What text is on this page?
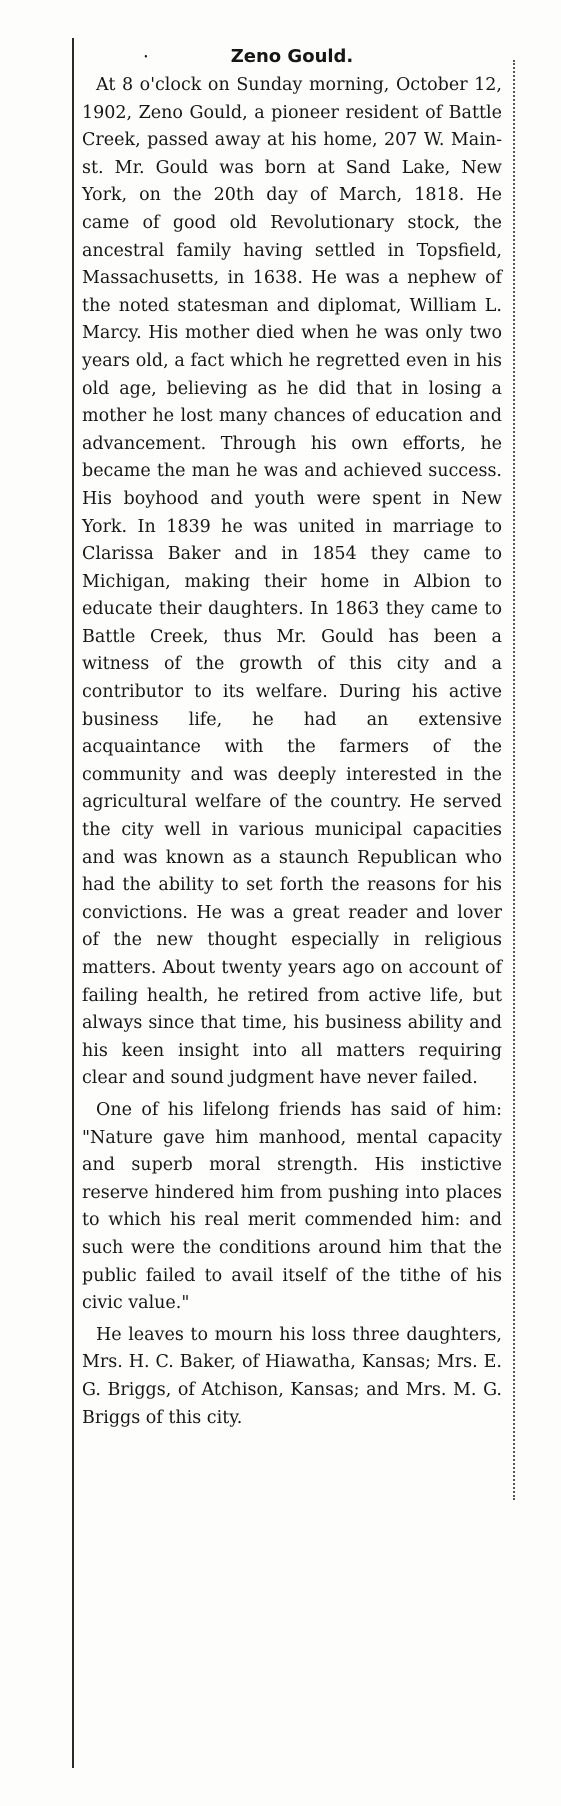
⸱	Zeno Gould.

At 8 o'clock on Sunday morning, October 12, 1902, Zeno Gould, a pioneer resident of Battle Creek, passed away at his home, 207 W. Main-st. Mr. Gould was born at Sand Lake, New York, on the 20th day of March, 1818. He came of good old Revolutionary stock, the ancestral family having settled in Topsfield, Massachusetts, in 1638. He was a nephew of the noted statesman and diplomat, William L. Marcy. His mother died when he was only two years old, a fact which he regretted even in his old age, believing as he did that in losing a mother he lost many chances of education and advancement. Through his own efforts, he became the man he was and achieved success. His boyhood and youth were spent in New York. In 1839 he was united in marriage to Clarissa Baker and in 1854 they came to Michigan, making their home in Albion to educate their daughters. In 1863 they came to Battle Creek, thus Mr. Gould has been a witness of the growth of this city and a contributor to its welfare. During his active business life, he had an extensive acquaintance with the farmers of the community and was deeply interested in the agricultural welfare of the country. He served the city well in various municipal capacities and was known as a staunch Republican who had the ability to set forth the reasons for his convictions. He was a great reader and lover of the new thought especially in religious matters. About twenty years ago on account of failing health, he retired from active life, but always since that time, his business ability and his keen insight into all matters requiring clear and sound judgment have never failed.

One of his lifelong friends has said of him: "Nature gave him manhood, mental capacity and superb moral strength. His instictive reserve hindered him from pushing into places to which his real merit commended him: and such were the conditions around him that the public failed to avail itself of the tithe of his civic value."

He leaves to mourn his loss three daughters, Mrs. H. C. Baker, of Hiawatha, Kansas; Mrs. E. G. Briggs, of Atchison, Kansas; and Mrs. M. G. Briggs of this city.
